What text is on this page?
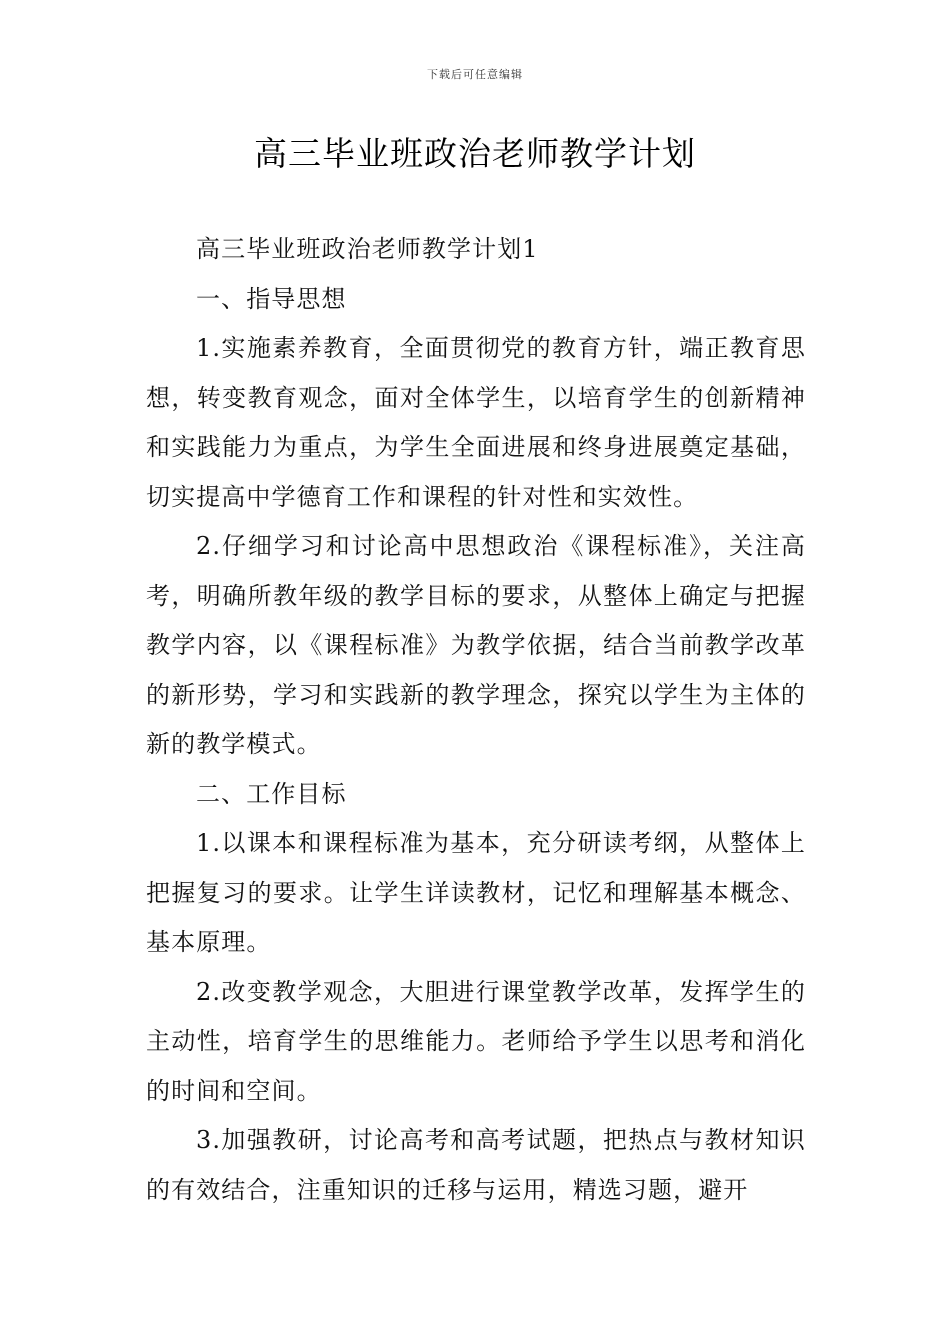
下载后可任意编辑
高三毕业班政治老师教学计划

高三毕业班政治老师教学计划1

一、指导思想

1.实施素养教育，全面贯彻党的教育方针，端正教育思想，转变教育观念，面对全体学生，以培育学生的创新精神和实践能力为重点，为学生全面进展和终身进展奠定基础，切实提高中学德育工作和课程的针对性和实效性。

2.仔细学习和讨论高中思想政治《课程标准》，关注高考，明确所教年级的教学目标的要求，从整体上确定与把握教学内容，以《课程标准》为教学依据，结合当前教学改革的新形势，学习和实践新的教学理念，探究以学生为主体的新的教学模式。

二、工作目标

1.以课本和课程标准为基本，充分研读考纲，从整体上把握复习的要求。让学生详读教材，记忆和理解基本概念、基本原理。

2.改变教学观念，大胆进行课堂教学改革，发挥学生的主动性，培育学生的思维能力。老师给予学生以思考和消化的时间和空间。

3.加强教研，讨论高考和高考试题，把热点与教材知识的有效结合，注重知识的迁移与运用，精选习题，避开
